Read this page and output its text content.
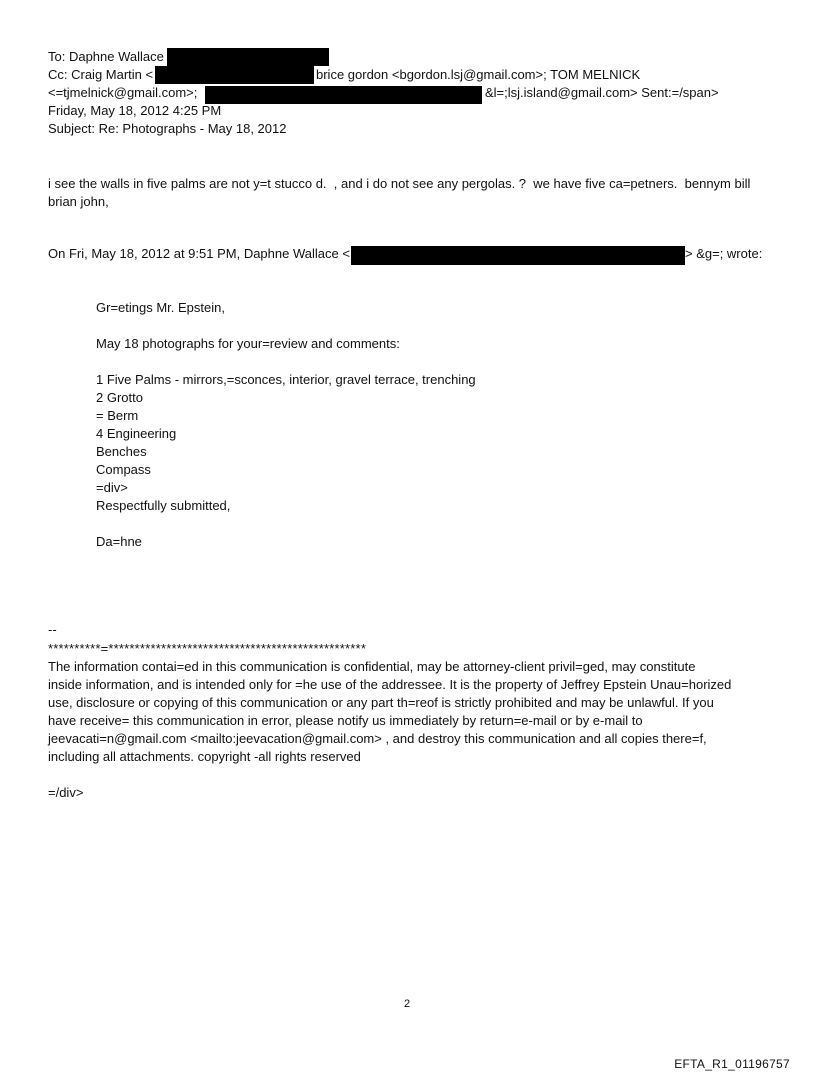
To: Daphne Wallace
Cc: Craig Martin <	brice gordon <bgordon.lsj@gmail.com>; TOM MELNICK
<=tjmelnick@gmail.com>;	&l=;lsj.island@gmail.com> Sent:=/span>
Friday, May 18, 2012 4:25 PM
Subject: Re: Photographs - May 18, 2012
i see the walls in five palms are not y=t stucco d.  , and i do not see any pergolas. ?  we have five ca=petners.  bennym bill
brian john,
On Fri, May 18, 2012 at 9:51 PM, Daphne Wallace <	> &g=; wrote:
Gr=etings Mr. Epstein,
May 18 photographs for your=review and comments:
1 Five Palms - mirrors,=sconces, interior, gravel terrace, trenching
2 Grotto
= Berm
4 Engineering
Benches
Compass
=div>
Respectfully submitted,
Da=hne
--
**********=*************************************************
The information contai=ed in this communication is confidential, may be attorney-client privil=ged, may constitute
inside information, and is intended only for =he use of the addressee. It is the property of Jeffrey Epstein Unau=horized
use, disclosure or copying of this communication or any part th=reof is strictly prohibited and may be unlawful. If you
have receive= this communication in error, please notify us immediately by return=e-mail or by e-mail to
jeevacati=n@gmail.com <mailto:jeevacation@gmail.com> , and destroy this communication and all copies there=f,
including all attachments. copyright -all rights reserved
=/div>
2
EFTA_R1_01196757
